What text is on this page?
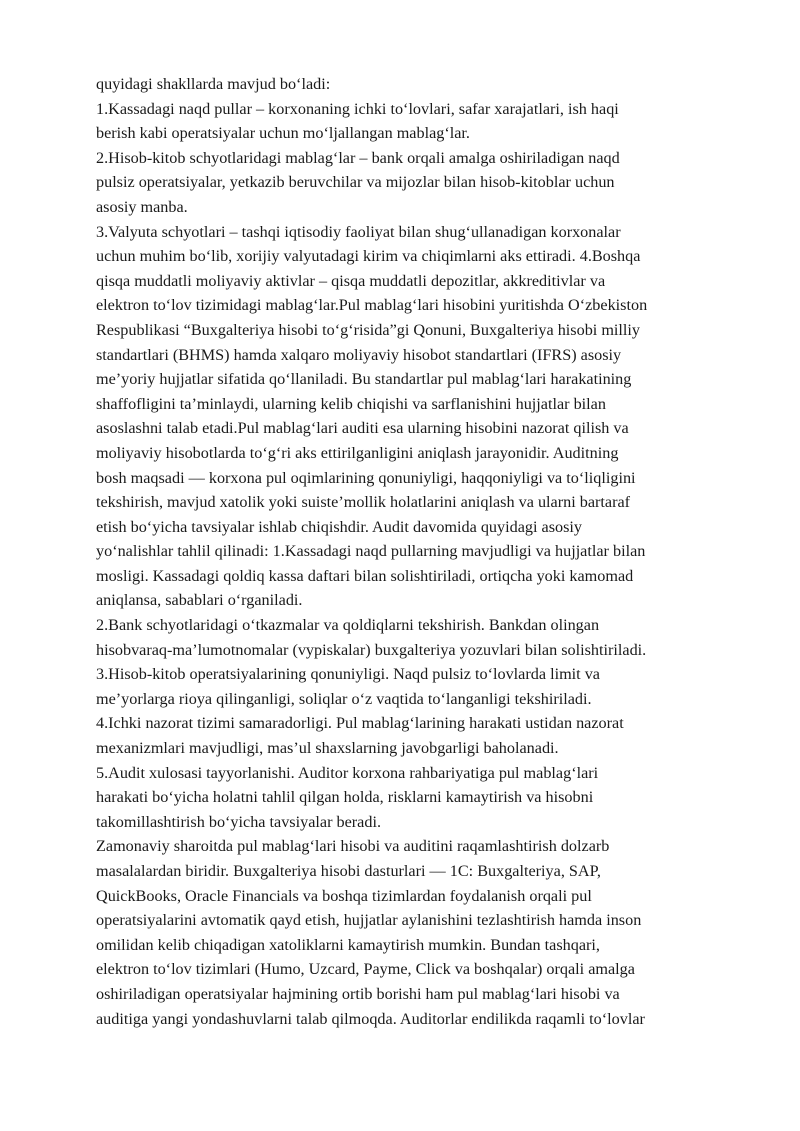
quyidagi shakllarda mavjud bo‘ladi:
1.Kassadagi naqd pullar – korxonaning ichki to‘lovlari, safar xarajatlari, ish haqi
berish kabi operatsiyalar uchun mo‘ljallangan mablag‘lar.
2.Hisob-kitob schyotlaridagi mablag‘lar – bank orqali amalga oshiriladigan naqd
pulsiz operatsiyalar, yetkazib beruvchilar va mijozlar bilan hisob-kitoblar uchun
asosiy manba.
3.Valyuta schyotlari – tashqi iqtisodiy faoliyat bilan shug‘ullanadigan korxonalar
uchun muhim bo‘lib, xorijiy valyutadagi kirim va chiqimlarni aks ettiradi. 4.Boshqa
qisqa muddatli moliyaviy aktivlar – qisqa muddatli depozitlar, akkreditivlar va
elektron to‘lov tizimidagi mablag‘lar.Pul mablag‘lari hisobini yuritishda O‘zbekiston
Respublikasi “Buxgalteriya hisobi to‘g‘risida”gi Qonuni, Buxgalteriya hisobi milliy
standartlari (BHMS) hamda xalqaro moliyaviy hisobot standartlari (IFRS) asosiy
me’yoriy hujjatlar sifatida qo‘llaniladi. Bu standartlar pul mablag‘lari harakatining
shaffofligini ta’minlaydi, ularning kelib chiqishi va sarflanishini hujjatlar bilan
asoslashni talab etadi.Pul mablag‘lari auditi esa ularning hisobini nazorat qilish va
moliyaviy hisobotlarda to‘g‘ri aks ettirilganligini aniqlash jarayonidir. Auditning
bosh maqsadi — korxona pul oqimlarining qonuniyligi, haqqoniyligi va to‘liqligini
tekshirish, mavjud xatolik yoki suiste’mollik holatlarini aniqlash va ularni bartaraf
etish bo‘yicha tavsiyalar ishlab chiqishdir. Audit davomida quyidagi asosiy
yo‘nalishlar tahlil qilinadi: 1.Kassadagi naqd pullarning mavjudligi va hujjatlar bilan
mosligi. Kassadagi qoldiq kassa daftari bilan solishtiriladi, ortiqcha yoki kamomad
aniqlansa, sabablari o‘rganiladi.
2.Bank schyotlaridagi o‘tkazmalar va qoldiqlarni tekshirish. Bankdan olingan
hisobvaraq-ma’lumotnomalar (vypiskalar) buxgalteriya yozuvlari bilan solishtiriladi.
3.Hisob-kitob operatsiyalarining qonuniyligi. Naqd pulsiz to‘lovlarda limit va
me’yorlarga rioya qilinganligi, soliqlar o‘z vaqtida to‘langanligi tekshiriladi.
4.Ichki nazorat tizimi samaradorligi. Pul mablag‘larining harakati ustidan nazorat
mexanizmlari mavjudligi, mas’ul shaxslarning javobgarligi baholanadi.
5.Audit xulosasi tayyorlanishi. Auditor korxona rahbariyatiga pul mablag‘lari
harakati bo‘yicha holatni tahlil qilgan holda, risklarni kamaytirish va hisobni
takomillashtirish bo‘yicha tavsiyalar beradi.
Zamonaviy sharoitda pul mablag‘lari hisobi va auditini raqamlashtirish dolzarb
masalalardan biridir. Buxgalteriya hisobi dasturlari — 1C: Buxgalteriya, SAP,
QuickBooks, Oracle Financials va boshqa tizimlardan foydalanish orqali pul
operatsiyalarini avtomatik qayd etish, hujjatlar aylanishini tezlashtirish hamda inson
omilidan kelib chiqadigan xatoliklarni kamaytirish mumkin. Bundan tashqari,
elektron to‘lov tizimlari (Humo, Uzcard, Payme, Click va boshqalar) orqali amalga
oshiriladigan operatsiyalar hajmining ortib borishi ham pul mablag‘lari hisobi va
auditiga yangi yondashuvlarni talab qilmoqda. Auditorlar endilikda raqamli to‘lovlar
